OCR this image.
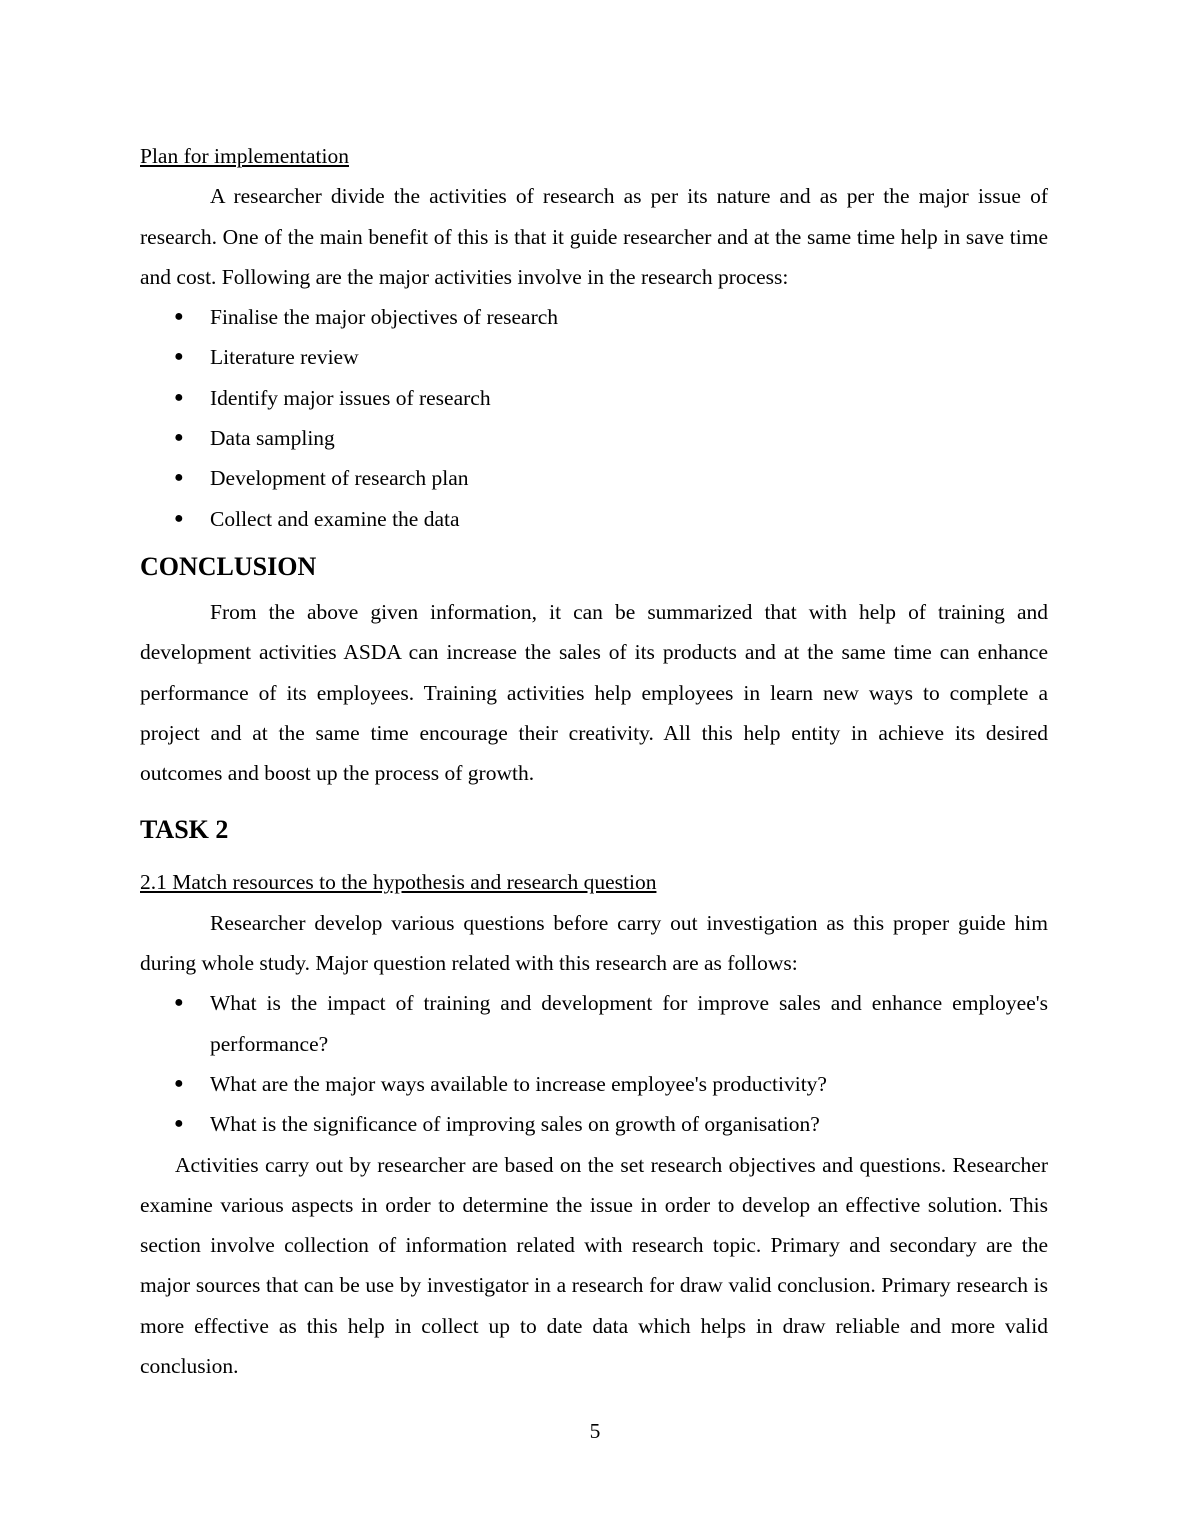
Plan for implementation

A researcher divide the activities of research as per its nature and as per the major issue of research. One of the main benefit of this is that it guide researcher and at the same time help in save time and cost. Following are the major activities involve in the research process:

● Finalise the major objectives of research
● Literature review
● Identify major issues of research
● Data sampling
● Development of research plan
● Collect and examine the data
CONCLUSION

From the above given information, it can be summarized that with help of training and development activities ASDA can increase the sales of its products and at the same time can enhance performance of its employees. Training activities help employees in learn new ways to complete a project and at the same time encourage their creativity. All this help entity in achieve its desired outcomes and boost up the process of growth.

TASK 2

2.1 Match resources to the hypothesis and research question

Researcher develop various questions before carry out investigation as this proper guide him during whole study. Major question related with this research are as follows:

● What is the impact of training and development for improve sales and enhance employee's performance?
● What are the major ways available to increase employee's productivity?
● What is the significance of improving sales on growth of organisation?

Activities carry out by researcher are based on the set research objectives and questions. Researcher examine various aspects in order to determine the issue in order to develop an effective solution. This section involve collection of information related with research topic. Primary and secondary are the major sources that can be use by investigator in a research for draw valid conclusion. Primary research is more effective as this help in collect up to date data which helps in draw reliable and more valid conclusion.

5
